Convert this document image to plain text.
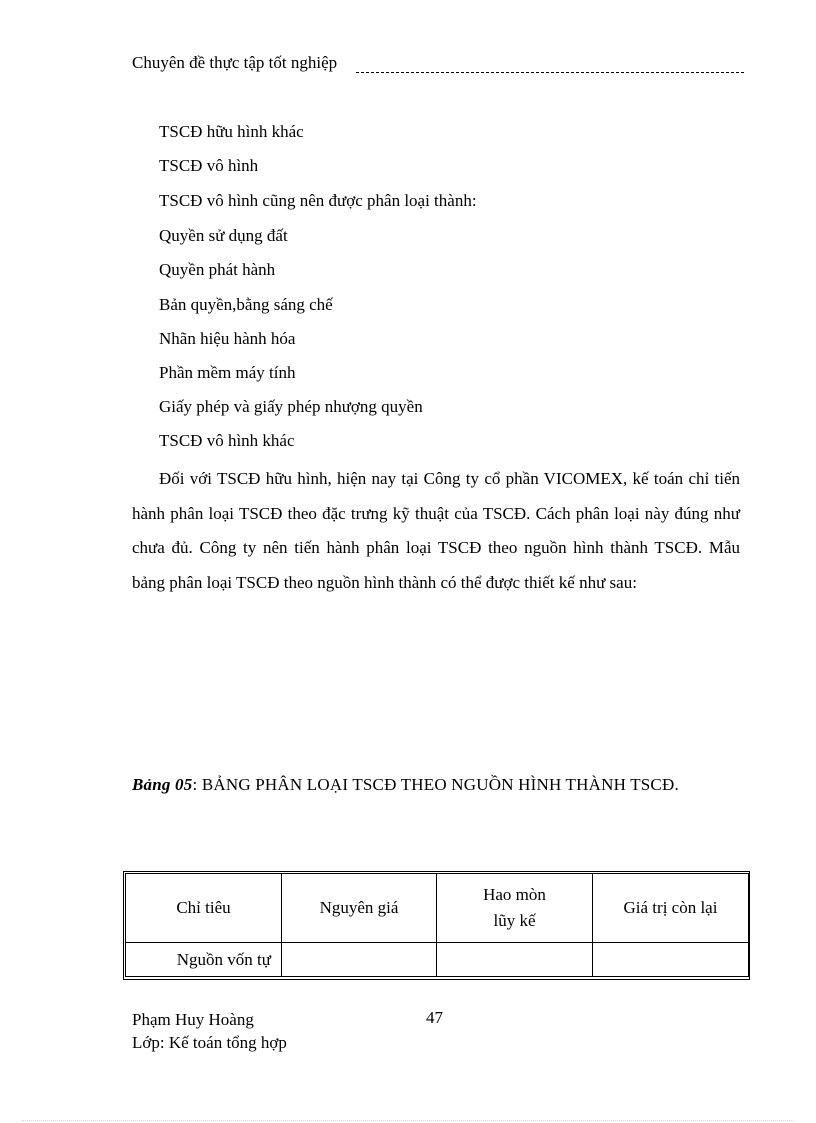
Chuyên đề thực tập tốt nghiệp
TSCĐ hữu hình khác
TSCĐ vô hình
TSCĐ vô hình cũng nên được phân loại thành:
Quyền sử dụng đất
Quyền phát hành
Bản quyền,bằng sáng chế
Nhãn hiệu hành hóa
Phần mềm máy tính
Giấy phép và giấy phép nhượng quyền
TSCĐ vô hình khác

Đối với TSCĐ hữu hình, hiện nay tại Công ty cổ phần VICOMEX, kế toán chỉ tiến hành phân loại TSCĐ theo đặc trưng kỹ thuật của TSCĐ. Cách phân loại này đúng như chưa đủ. Công ty nên tiến hành phân loại TSCĐ theo nguồn hình thành TSCĐ. Mẫu bảng phân loại TSCĐ theo nguồn hình thành có thể được thiết kế như sau:

Bảng 05: BẢNG PHÂN LOẠI TSCĐ THEO NGUỒN HÌNH THÀNH TSCĐ.

Chỉ tiêu	Nguyên giá	Hao mòn lũy kế	Giá trị còn lại
Nguồn vốn tự			
Phạm Huy Hoàng	47
Lớp: Kế toán tổng hợp
